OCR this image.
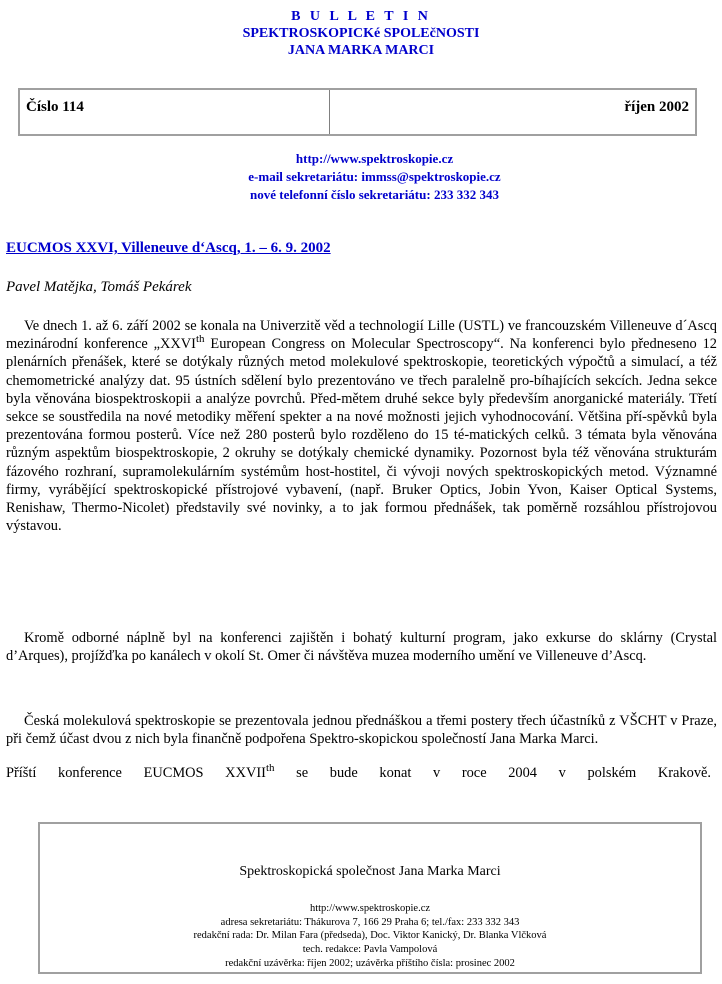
B U L L E T I N
SPEKTROSKOPICKé SPOLEčNOSTI
JANA MARKA MARCI
Číslo 114	říjen 2002
http://www.spektroskopie.cz
e-mail sekretariátu: immss@spektroskopie.cz
nové telefonní číslo sekretariátu: 233 332 343
EUCMOS XXVI, Villeneuve d‘Ascq, 1. – 6. 9. 2002
Pavel Matějka, Tomáš Pekárek
Ve dnech 1. až 6. září 2002 se konala na Univerzitě věd a technologií Lille (USTL) ve francouzském Villeneuve d´Ascq mezinárodní konference „XXVIth European Congress on Molecular Spectroscopy“. Na konferenci bylo předneseno 12 plenárních přenášek, které se dotýkaly různých metod molekulové spektroskopie, teoretických výpočtů a simulací, a též chemometrické analýzy dat. 95 ústních sdělení bylo prezentováno ve třech paralelně pro-bíhajících sekcích. Jedna sekce byla věnována biospektroskopii a analýze povrchů. Před-mětem druhé sekce byly především anorganické materiály. Třetí sekce se soustředila na nové metodiky měření spekter a na nové možnosti jejich vyhodnocování. Většina pří-spěvků byla prezentována formou posterů. Více než 280 posterů bylo rozděleno do 15 té-matických celků. 3 témata byla věnována různým aspektům biospektroskopie, 2 okruhy se dotýkaly chemické dynamiky. Pozornost byla též věnována strukturám fázového rozhraní, supramolekulárním systémům host-hostitel, či vývoji nových spektroskopických metod. Významné firmy, vyrábějící spektroskopické přístrojové vybavení, (např. Bruker Optics, Jobin Yvon, Kaiser Optical Systems, Renishaw, Thermo-Nicolet) představily své novinky, a to jak formou přednášek, tak poměrně rozsáhlou přístrojovou výstavou.
Kromě odborné náplně byl na konferenci zajištěn i bohatý kulturní program, jako exkurse do sklárny (Crystal d’Arques), projížďka po kanálech v okolí St. Omer či návštěva muzea moderního umění ve Villeneuve d’Ascq.
Česká molekulová spektroskopie se prezentovala jednou přednáškou a třemi postery třech účastníků z VŠCHT v Praze, při čemž účast dvou z nich byla finančně podpořena Spektro-skopickou společností Jana Marka Marci.
Příští konference EUCMOS XXVIIth se bude konat v roce 2004 v polském Krakově.
Spektroskopická společnost Jana Marka Marci
http://www.spektroskopie.cz
adresa sekretariátu: Thákurova 7, 166 29 Praha 6; tel./fax: 233 332 343
redakční rada: Dr. Milan Fara (předseda), Doc. Viktor Kanický, Dr. Blanka Vlčková
tech. redakce: Pavla Vampolová
redakční uzávěrka: říjen 2002; uzávěrka příštího čísla: prosinec 2002
